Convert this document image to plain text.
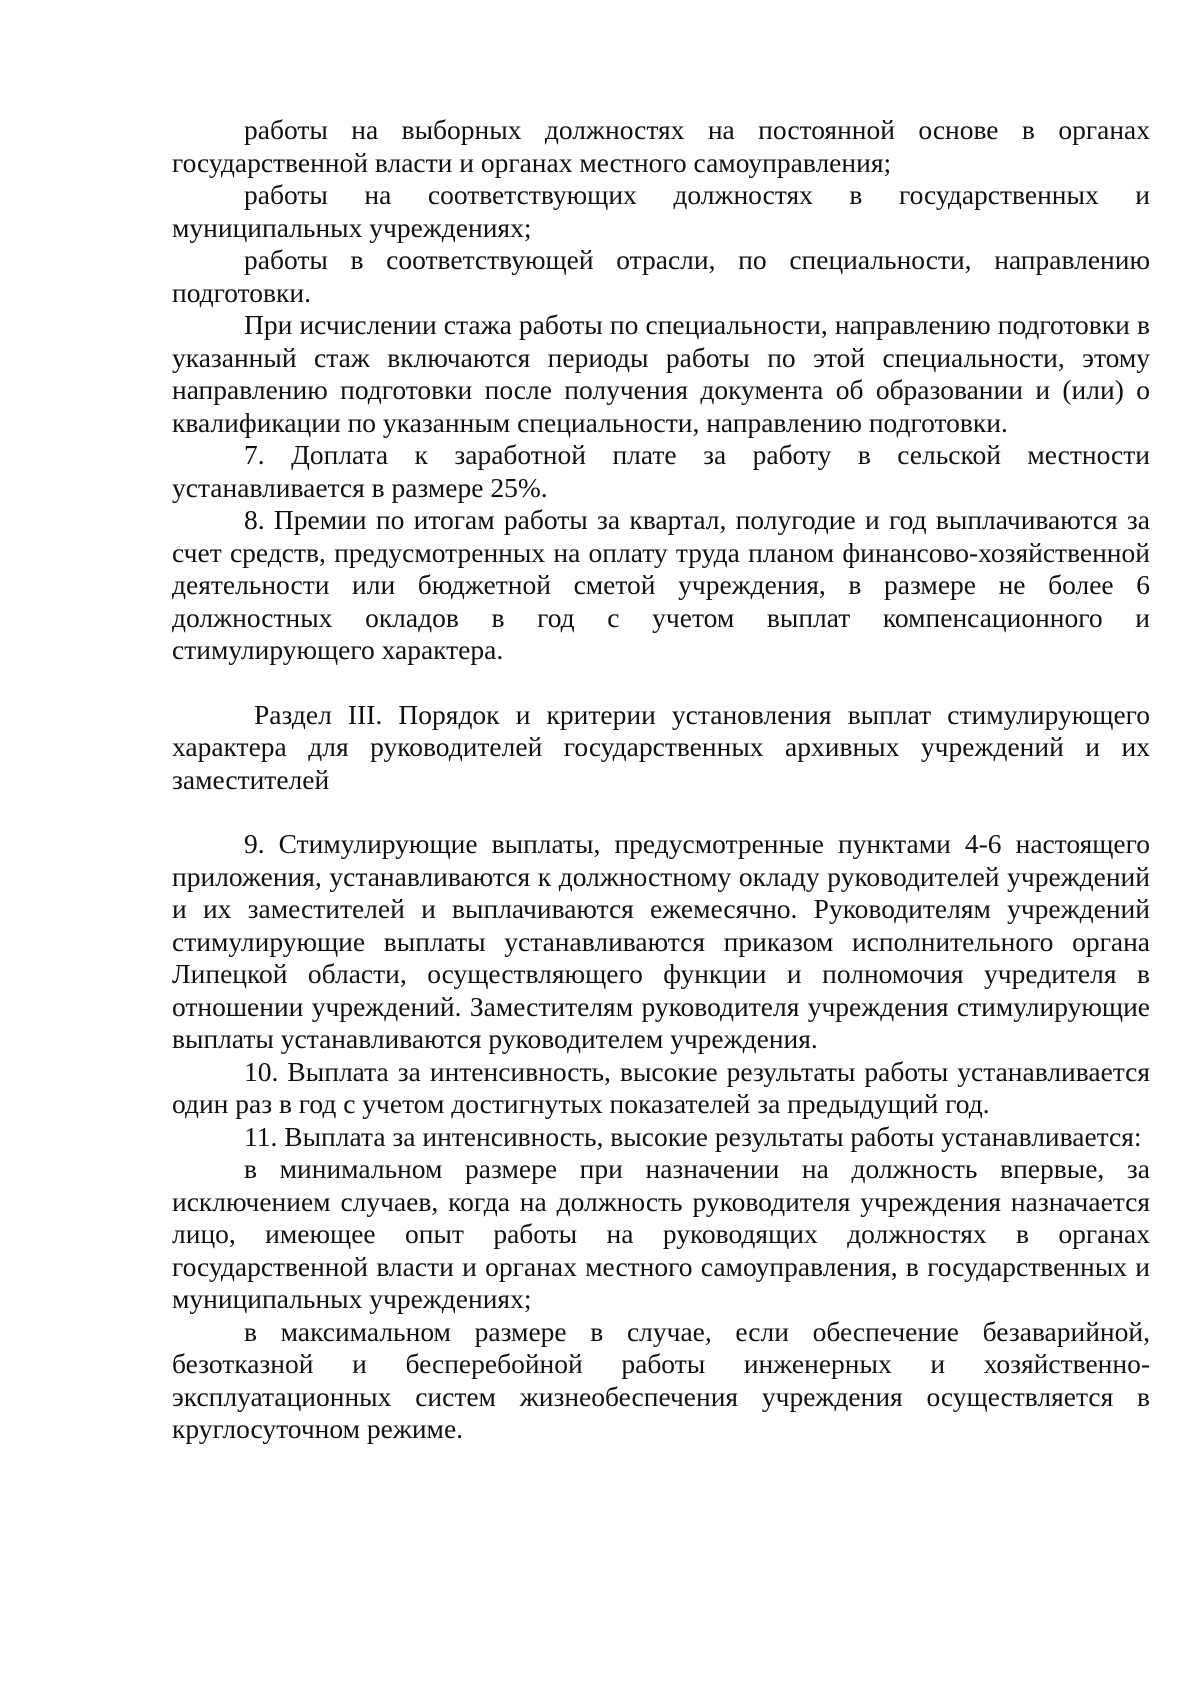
работы на выборных должностях на постоянной основе в органах государственной власти и органах местного самоуправления;

работы на соответствующих должностях в государственных и муниципальных учреждениях;

работы в соответствующей отрасли, по специальности, направлению подготовки.

При исчислении стажа работы по специальности, направлению подготовки в указанный стаж включаются периоды работы по этой специальности, этому направлению подготовки после получения документа об образовании и (или) о квалификации по указанным специальности, направлению подготовки.

7. Доплата к заработной плате за работу в сельской местности устанавливается в размере 25%.

8. Премии по итогам работы за квартал, полугодие и год выплачиваются за счет средств, предусмотренных на оплату труда планом финансово-хозяйственной деятельности или бюджетной сметой учреждения, в размере не более 6 должностных окладов в год с учетом выплат компенсационного и стимулирующего характера.

Раздел III. Порядок и критерии установления выплат стимулирующего характера для руководителей государственных архивных учреждений и их заместителей

9. Стимулирующие выплаты, предусмотренные пунктами 4-6 настоящего приложения, устанавливаются к должностному окладу руководителей учреждений и их заместителей и выплачиваются ежемесячно. Руководителям учреждений стимулирующие выплаты устанавливаются приказом исполнительного органа Липецкой области, осуществляющего функции и полномочия учредителя в отношении учреждений. Заместителям руководителя учреждения стимулирующие выплаты устанавливаются руководителем учреждения.

10. Выплата за интенсивность, высокие результаты работы устанавливается один раз в год с учетом достигнутых показателей за предыдущий год.

11. Выплата за интенсивность, высокие результаты работы устанавливается:

в минимальном размере при назначении на должность впервые, за исключением случаев, когда на должность руководителя учреждения назначается лицо, имеющее опыт работы на руководящих должностях в органах государственной власти и органах местного самоуправления, в государственных и муниципальных учреждениях;

в максимальном размере в случае, если обеспечение безаварийной, безотказной и бесперебойной работы инженерных и хозяйственно-эксплуатационных систем жизнеобеспечения учреждения осуществляется в круглосуточном режиме.
